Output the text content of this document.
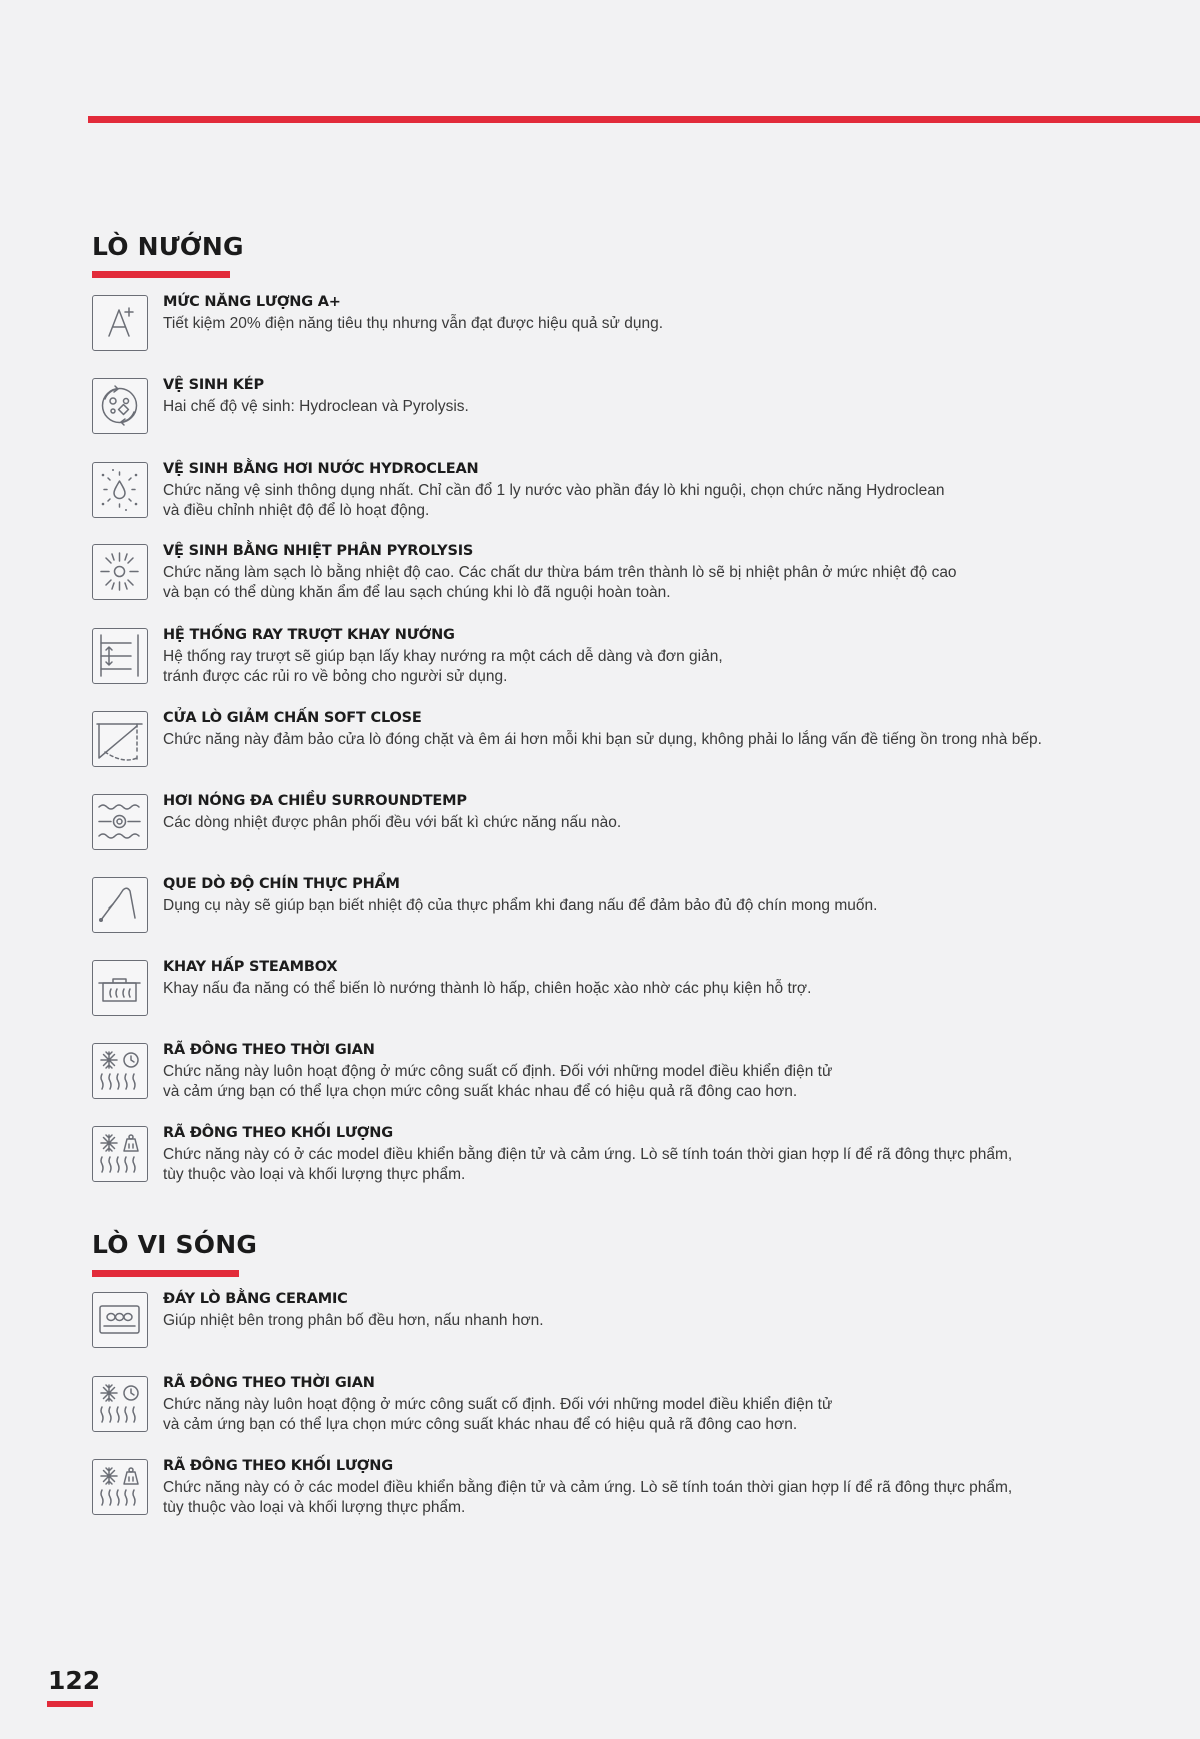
LÒ NƯỚNG
MỨC NĂNG LƯỢNG A+
Tiết kiệm 20% điện năng tiêu thụ nhưng vẫn đạt được hiệu quả sử dụng.
VỆ SINH KÉP
Hai chế độ vệ sinh: Hydroclean và Pyrolysis.
VỆ SINH BẰNG HƠI NƯỚC HYDROCLEAN
Chức năng vệ sinh thông dụng nhất. Chỉ cần đổ 1 ly nước vào phần đáy lò khi nguội, chọn chức năng Hydroclean
và điều chỉnh nhiệt độ để lò hoạt động.
VỆ SINH BẰNG NHIỆT PHÂN PYROLYSIS
Chức năng làm sạch lò bằng nhiệt độ cao. Các chất dư thừa bám trên thành lò sẽ bị nhiệt phân ở mức nhiệt độ cao
và bạn có thể dùng khăn ẩm để lau sạch chúng khi lò đã nguội hoàn toàn.
HỆ THỐNG RAY TRƯỢT KHAY NƯỚNG
Hệ thống ray trượt sẽ giúp bạn lấy khay nướng ra một cách dễ dàng và đơn giản,
tránh được các rủi ro về bỏng cho người sử dụng.
CỬA LÒ GIẢM CHẤN SOFT CLOSE
Chức năng này đảm bảo cửa lò đóng chặt và êm ái hơn mỗi khi bạn sử dụng, không phải lo lắng vấn đề tiếng ồn trong nhà bếp.
HƠI NÓNG ĐA CHIỀU SURROUNDTEMP
Các dòng nhiệt được phân phối đều với bất kì chức năng nấu nào.
QUE DÒ ĐỘ CHÍN THỰC PHẨM
Dụng cụ này sẽ giúp bạn biết nhiệt độ của thực phẩm khi đang nấu để đảm bảo đủ độ chín mong muốn.
KHAY HẤP STEAMBOX
Khay nấu đa năng có thể biến lò nướng thành lò hấp, chiên hoặc xào nhờ các phụ kiện hỗ trợ.
RÃ ĐÔNG THEO THỜI GIAN
Chức năng này luôn hoạt động ở mức công suất cố định. Đối với những model điều khiển điện tử
và cảm ứng bạn có thể lựa chọn mức công suất khác nhau để có hiệu quả rã đông cao hơn.
RÃ ĐÔNG THEO KHỐI LƯỢNG
Chức năng này có ở các model điều khiển bằng điện tử và cảm ứng. Lò sẽ tính toán thời gian hợp lí để rã đông thực phẩm,
tùy thuộc vào loại và khối lượng thực phẩm.
LÒ VI SÓNG
ĐÁY LÒ BẰNG CERAMIC
Giúp nhiệt bên trong phân bố đều hơn, nấu nhanh hơn.
RÃ ĐÔNG THEO THỜI GIAN
Chức năng này luôn hoạt động ở mức công suất cố định. Đối với những model điều khiển điện tử
và cảm ứng bạn có thể lựa chọn mức công suất khác nhau để có hiệu quả rã đông cao hơn.
RÃ ĐÔNG THEO KHỐI LƯỢNG
Chức năng này có ở các model điều khiển bằng điện tử và cảm ứng. Lò sẽ tính toán thời gian hợp lí để rã đông thực phẩm,
tùy thuộc vào loại và khối lượng thực phẩm.
122
